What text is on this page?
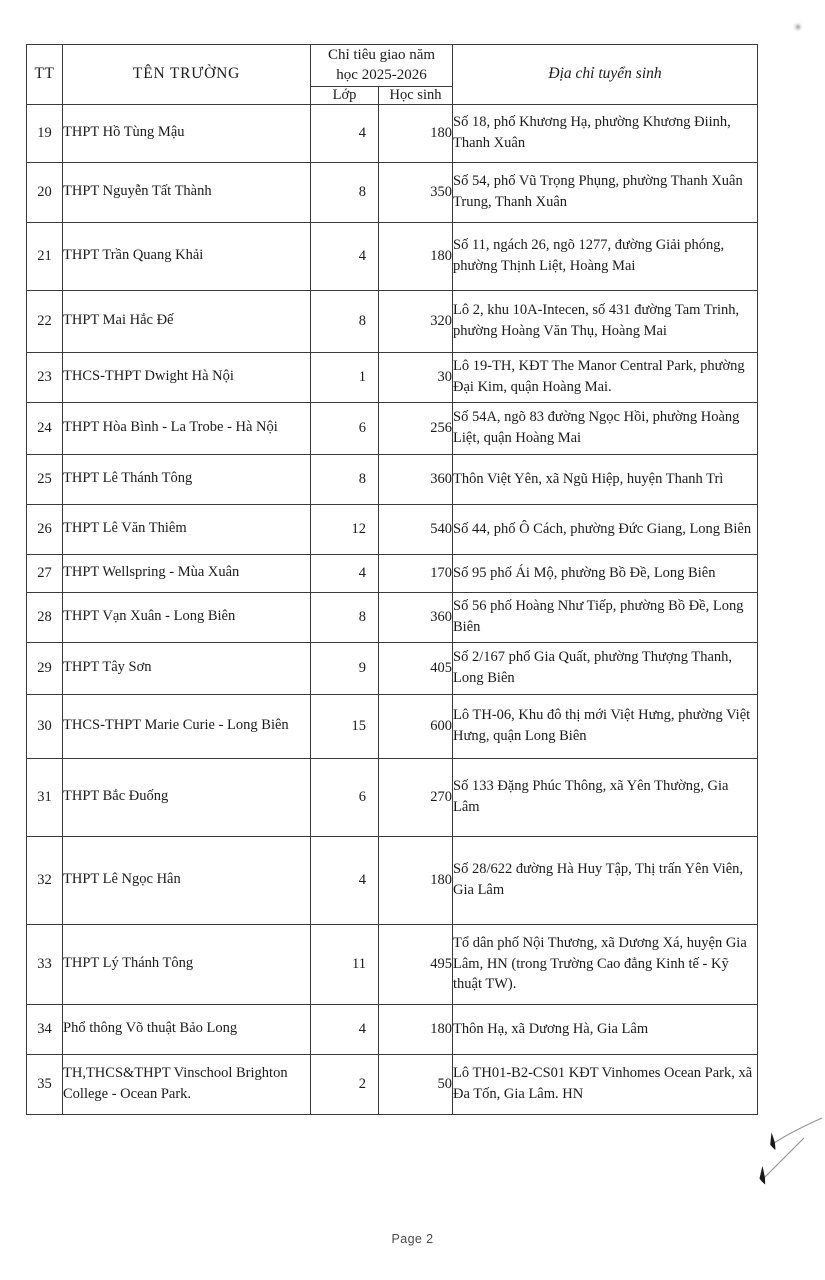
TT	TÊN TRƯỜNG	Chỉ tiêu giao năm
học 2025-2026		Địa chỉ tuyển sinh
		Lớp	Học sinh	
19	THPT Hồ Tùng Mậu	4	180	Số 18, phố Khương Hạ, phường Khương Điinh, Thanh Xuân
20	THPT Nguyễn Tất Thành	8	350	Số 54, phố Vũ Trọng Phụng, phường Thanh Xuân Trung, Thanh Xuân
21	THPT Trần Quang Khải	4	180	Số 11, ngách 26, ngõ 1277, đường Giải phóng, phường Thịnh Liệt, Hoàng Mai
22	THPT Mai Hắc Đế	8	320	Lô 2, khu 10A-Intecen, số 431 đường Tam Trinh, phường Hoàng Văn Thụ, Hoàng Mai
23	THCS-THPT Dwight Hà Nội	1	30	Lô 19-TH, KĐT The Manor Central Park, phường Đại Kim, quận Hoàng Mai.
24	THPT Hòa Bình - La Trobe - Hà Nội	6	256	Số 54A, ngõ 83 đường Ngọc Hồi, phường Hoàng Liệt, quận Hoàng Mai
25	THPT Lê Thánh Tông	8	360	Thôn Việt Yên, xã Ngũ Hiệp, huyện Thanh Trì
26	THPT Lê Văn Thiêm	12	540	Số 44, phố Ô Cách, phường Đức Giang, Long Biên
27	THPT Wellspring - Mùa Xuân	4	170	Số 95 phố Ái Mộ, phường Bồ Đề, Long Biên
28	THPT Vạn Xuân - Long Biên	8	360	Số 56 phố Hoàng Như Tiếp, phường Bồ Đề, Long Biên
29	THPT Tây Sơn	9	405	Số 2/167 phố Gia Quất, phường Thượng Thanh, Long Biên
30	THCS-THPT Marie Curie - Long Biên	15	600	Lô TH-06, Khu đô thị mới Việt Hưng, phường Việt Hưng, quận Long Biên
31	THPT Bắc Đuống	6	270	Số 133 Đặng Phúc Thông, xã Yên Thường, Gia Lâm
32	THPT Lê Ngọc Hân	4	180	Số 28/622 đường Hà Huy Tập, Thị trấn Yên Viên, Gia Lâm
33	THPT Lý Thánh Tông	11	495	Tổ dân phố Nội Thương, xã Dương Xá, huyện Gia Lâm, HN (trong Trường Cao đẳng Kinh tế - Kỹ thuật TW).
34	Phổ thông Võ thuật Bảo Long	4	180	Thôn Hạ, xã Dương Hà, Gia Lâm
35	TH,THCS&THPT Vinschool Brighton College - Ocean Park.	2	50	Lô TH01-B2-CS01 KĐT Vinhomes Ocean Park, xã Đa Tốn, Gia Lâm. HN
Page 2
